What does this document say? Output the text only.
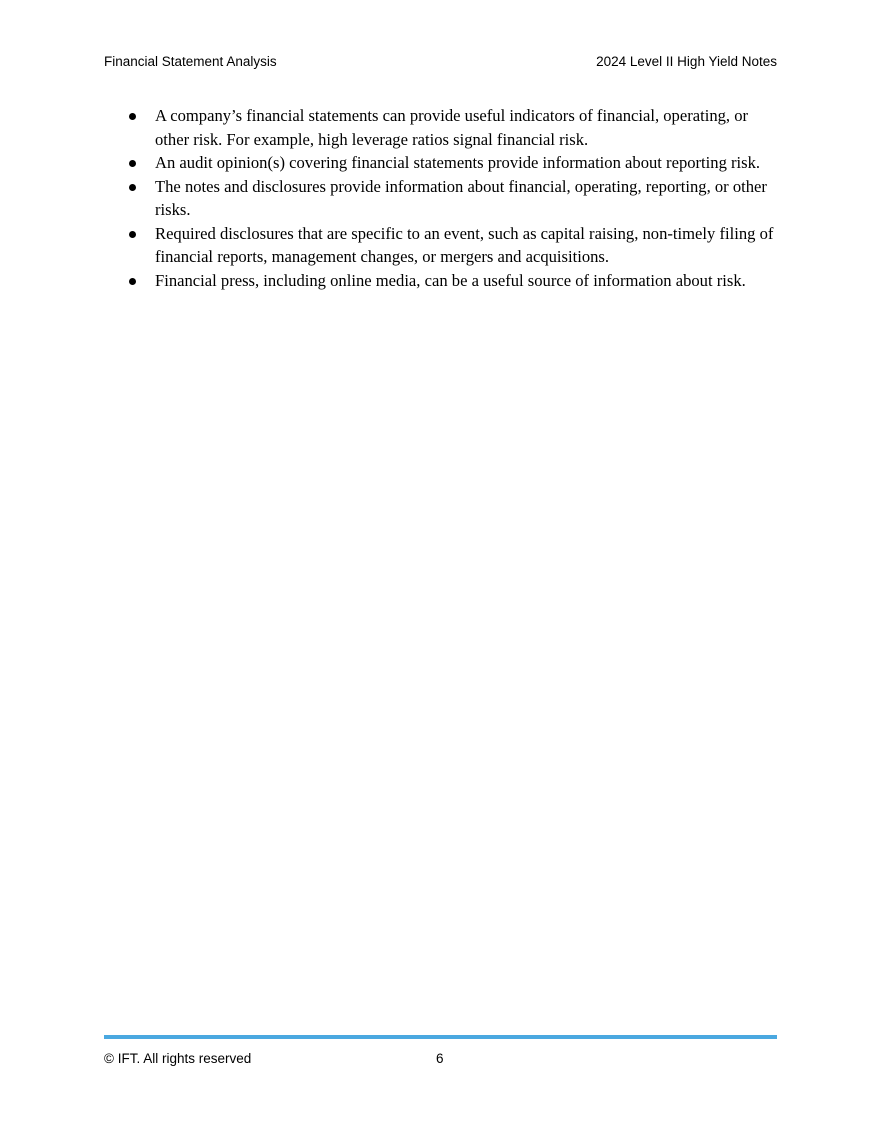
Financial Statement Analysis	2024 Level II High Yield Notes
A company’s financial statements can provide useful indicators of financial, operating, or other risk. For example, high leverage ratios signal financial risk.
An audit opinion(s) covering financial statements provide information about reporting risk.
The notes and disclosures provide information about financial, operating, reporting, or other risks.
Required disclosures that are specific to an event, such as capital raising, non-timely filing of financial reports, management changes, or mergers and acquisitions.
Financial press, including online media, can be a useful source of information about risk.
© IFT. All rights reserved	6
